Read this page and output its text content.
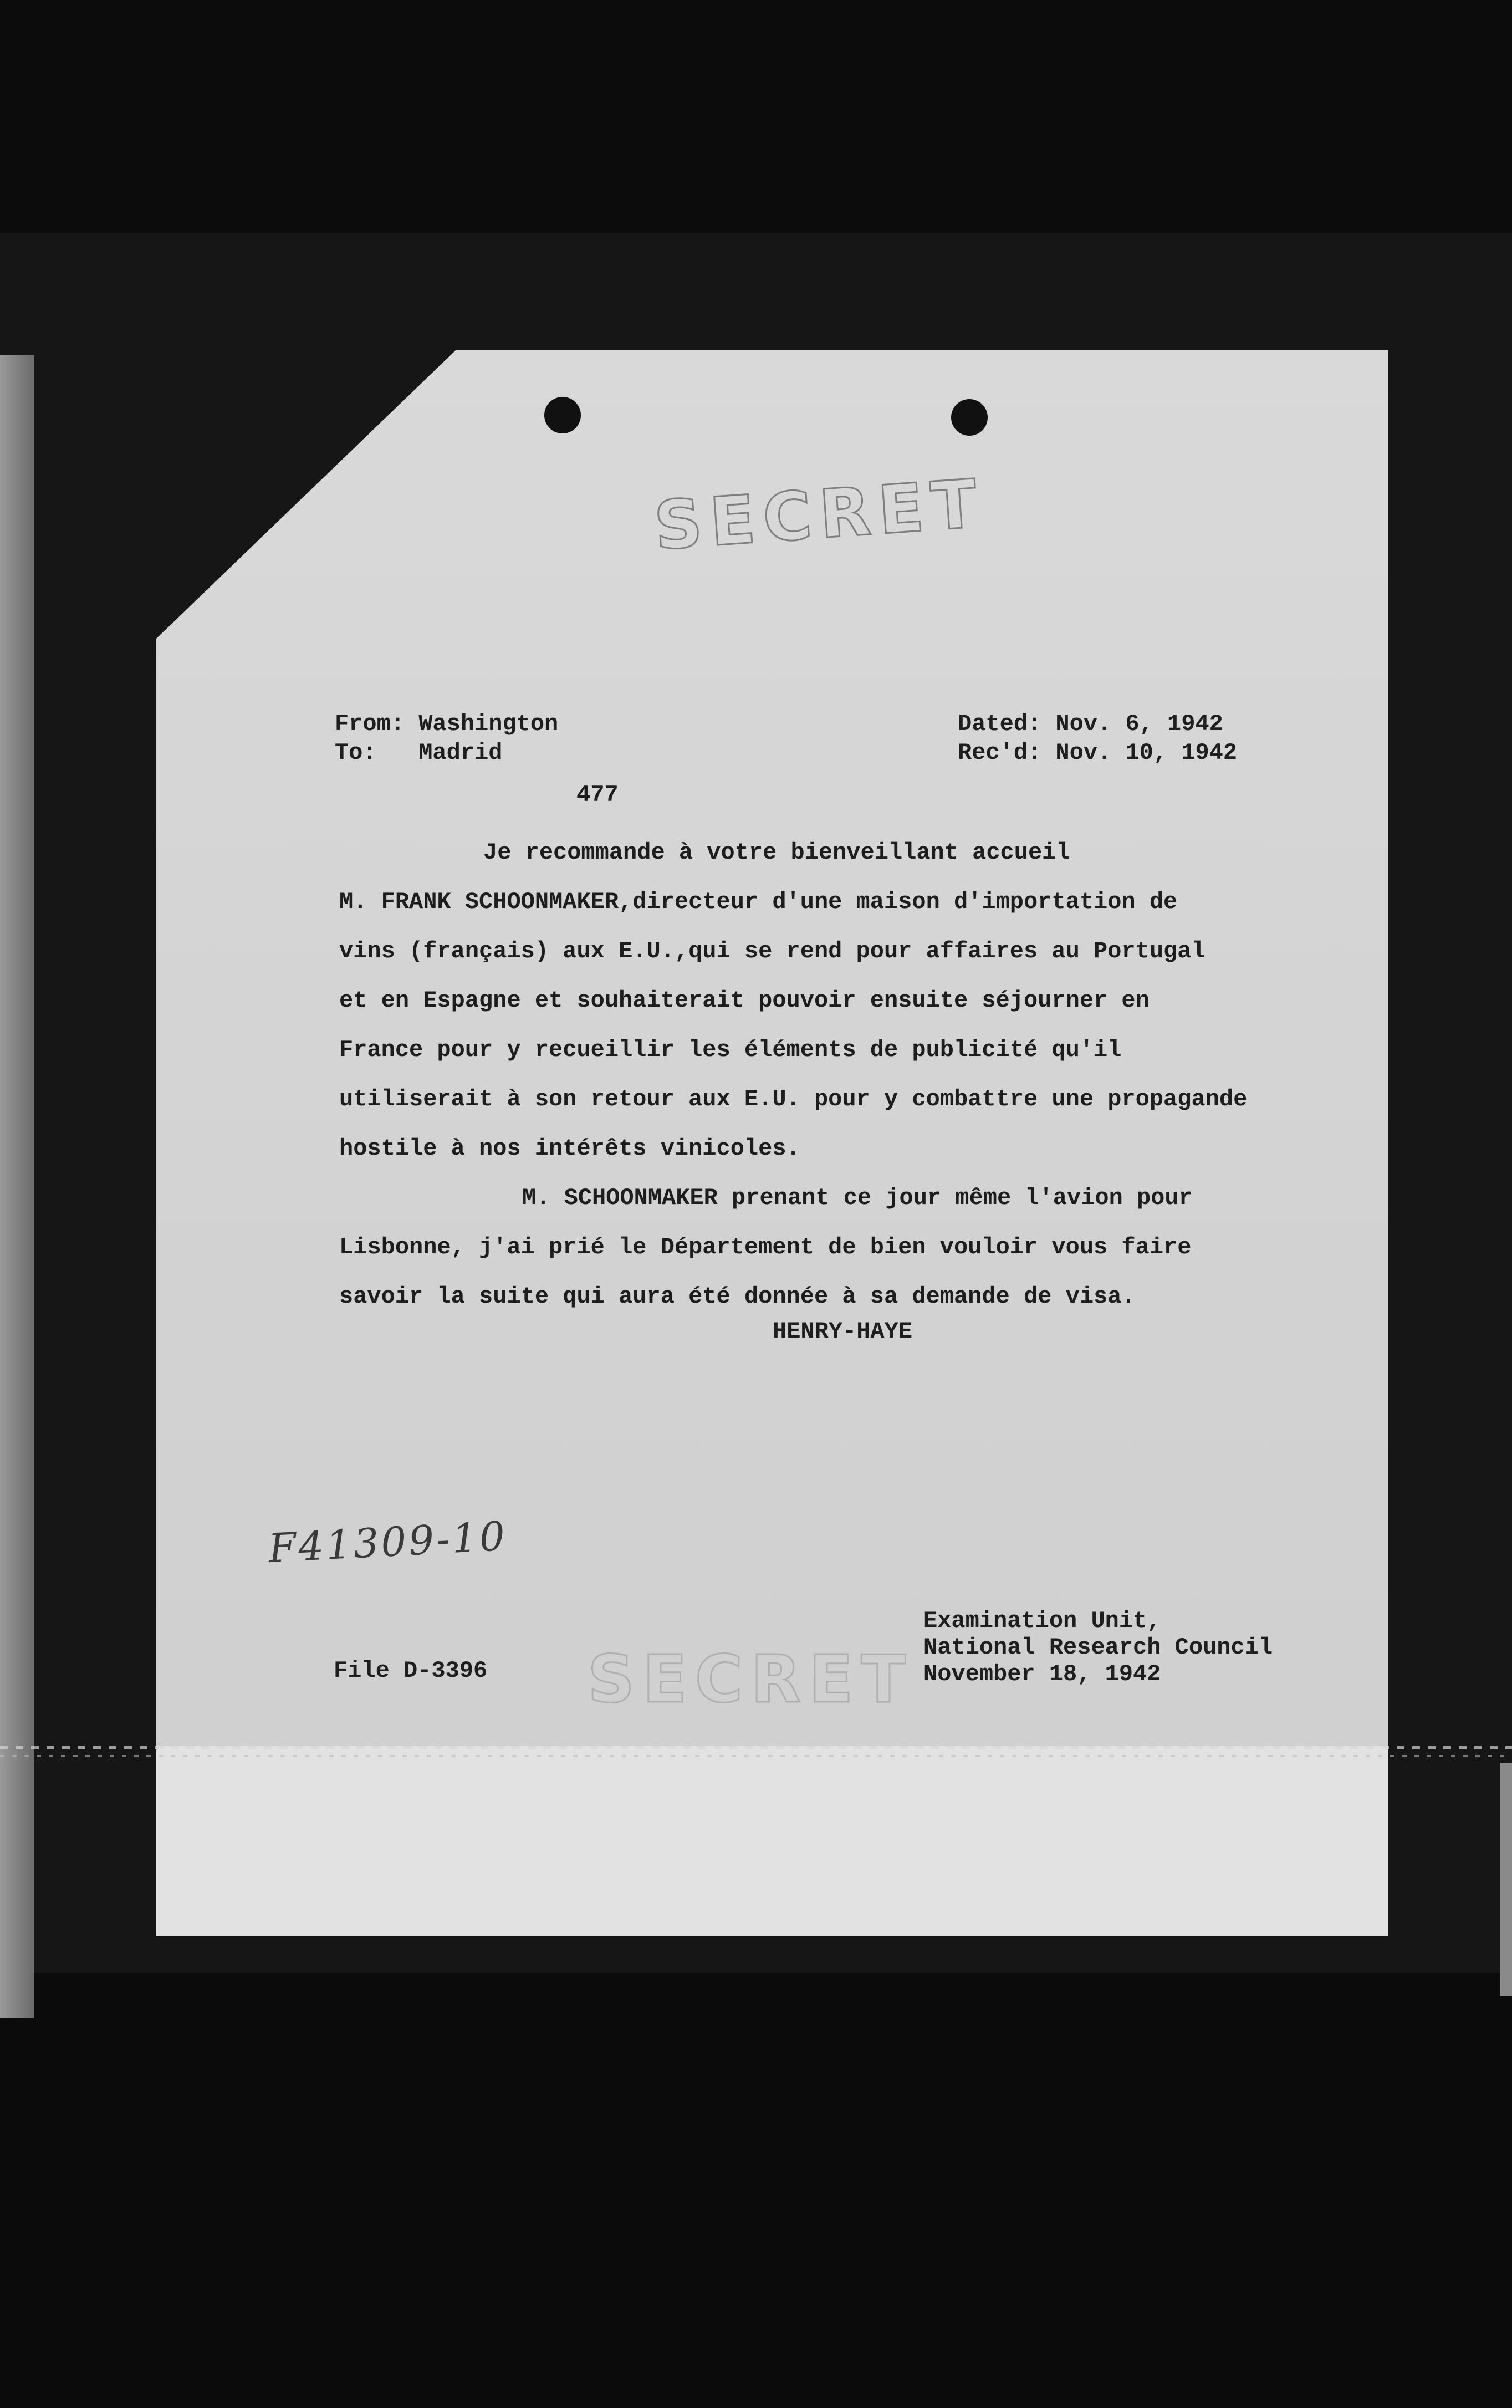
SECRET
From: Washington
To:   Madrid
Dated: Nov. 6, 1942
Rec'd: Nov. 10, 1942
477

Je recommande à votre bienveillant accueil

M. FRANK SCHOONMAKER,directeur d'une maison d'importation de

vins (français) aux E.U.,qui se rend pour affaires au Portugal

et en Espagne et souhaiterait pouvoir ensuite séjourner en

France pour y recueillir les éléments de publicité qu'il

utiliserait à son retour aux E.U. pour y combattre une propagande

hostile à nos intérêts vinicoles.

M. SCHOONMAKER prenant ce jour même l'avion pour

Lisbonne, j'ai prié le Département de bien vouloir vous faire

savoir la suite qui aura été donnée à sa demande de visa.

HENRY-HAYE
F41309-10
File D-3396 SECRET
Examination Unit,
National Research Council
November 18, 1942
